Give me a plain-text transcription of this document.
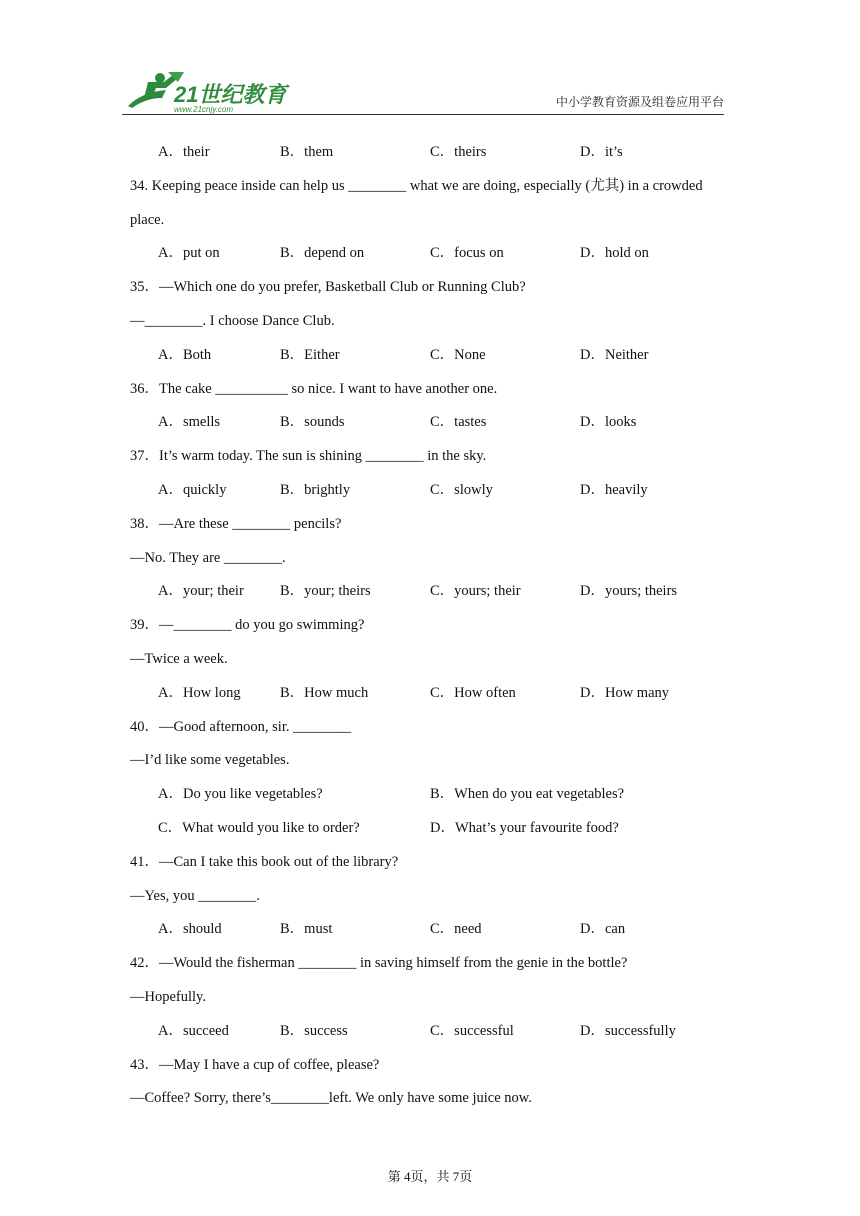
21世纪教育
www.21cnjy.com
中小学教育资源及组卷应用平台
A．their	B．them	C．theirs	D．it’s
34. Keeping peace inside can help us ________ what we are doing, especially (尤其) in a crowded
place.
A．put on	B．depend on	C．focus on	D．hold on
35．—Which one do you prefer, Basketball Club or Running Club?
—________. I choose Dance Club.
A．Both	B．Either	C．None	D．Neither
36．The cake __________ so nice. I want to have another one.
A．smells	B．sounds	C．tastes	D．looks
37．It’s warm today. The sun is shining ________ in the sky.
A．quickly	B．brightly	C．slowly	D．heavily
38．—Are these ________ pencils?
—No. They are ________.
A．your; their B．your; theirs	C．yours; their	D．yours; theirs
39．—________ do you go swimming?
—Twice a week.
A．How long	B．How much	C．How often	D．How many
40．—Good afternoon, sir. ________
—I’d like some vegetables.
A．Do you like vegetables?	B．When do you eat vegetables?
C．What would you like to order?	D．What’s your favourite food?
41．—Can I take this book out of the library?
—Yes, you ________.
A．should	B．must	C．need	D．can
42．—Would the fisherman ________ in saving himself from the genie in the bottle?
—Hopefully.
A．succeed	B．success	C．successful	D．successfully
43．—May I have a cup of coffee, please?
—Coffee? Sorry, there’s________left. We only have some juice now.
第 4页，共 7页
